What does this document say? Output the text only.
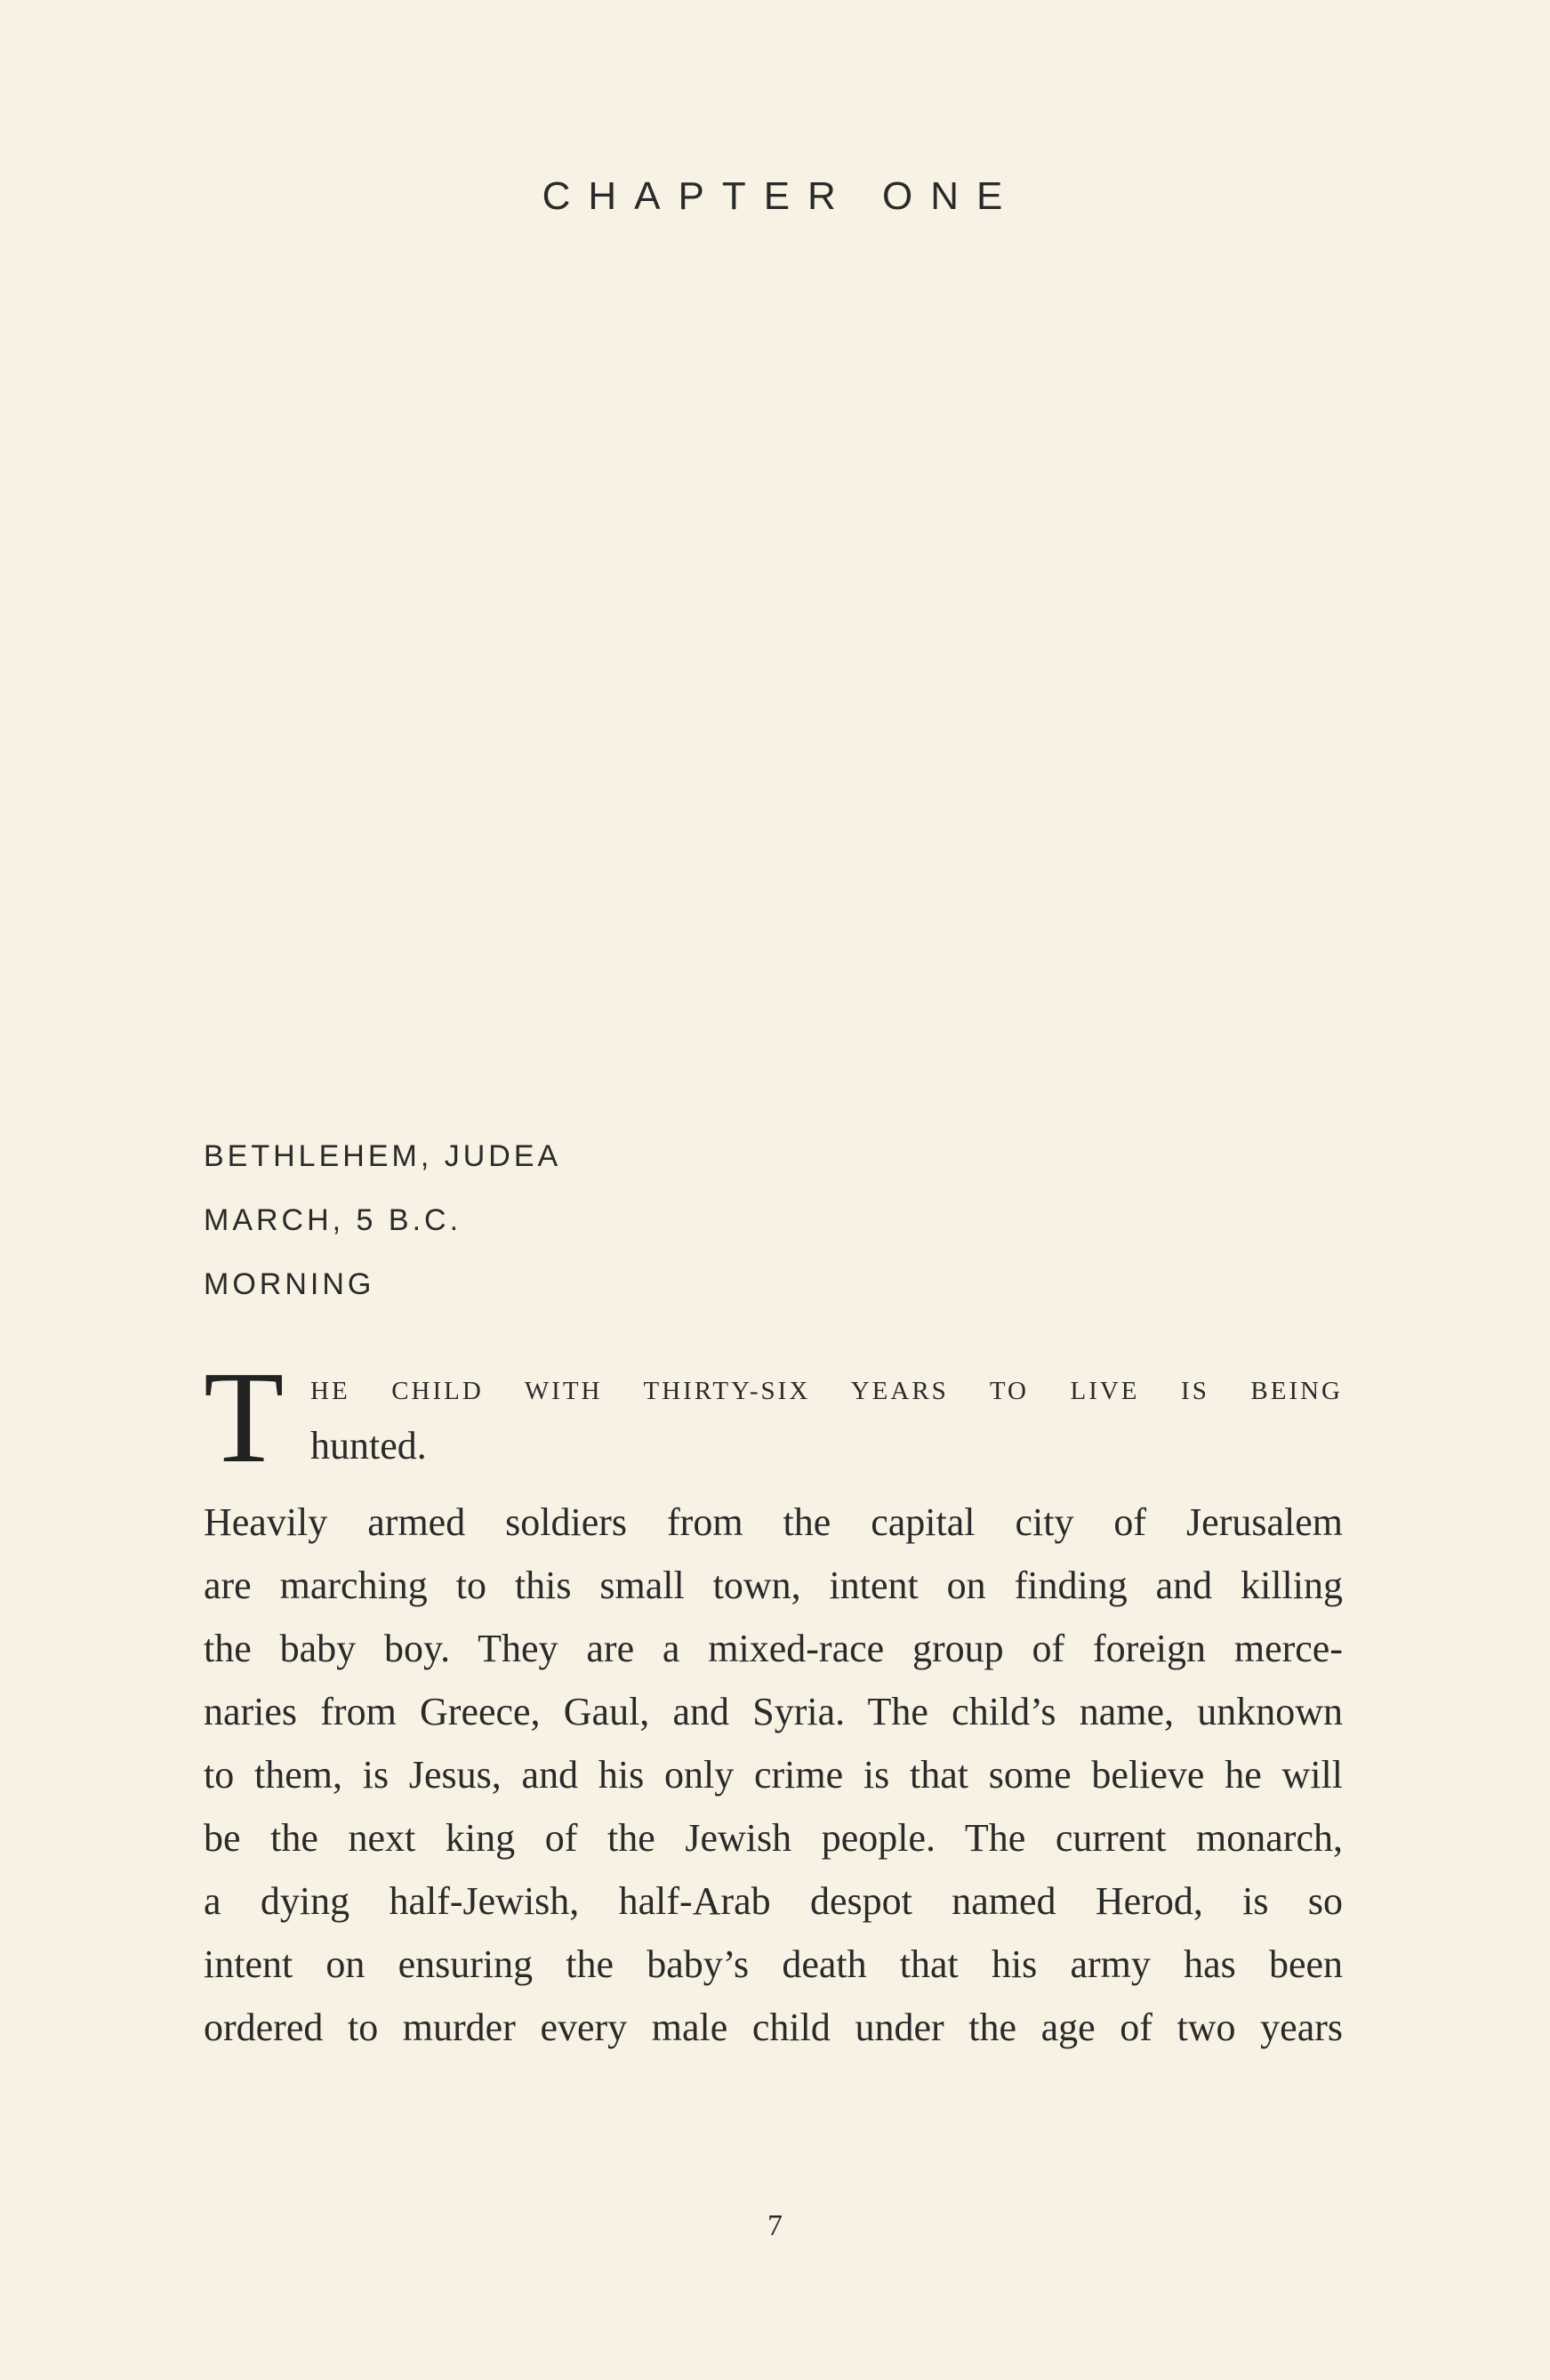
CHAPTER ONE
BETHLEHEM, JUDEA
MARCH, 5 B.C.
MORNING
T HE CHILD WITH THIRTY-SIX YEARS TO LIVE IS BEING
hunted.
Heavily armed soldiers from the capital city of Jerusalem
are marching to this small town, intent on finding and killing
the baby boy. They are a mixed-race group of foreign merce-
naries from Greece, Gaul, and Syria. The child’s name, unknown
to them, is Jesus, and his only crime is that some believe he will
be the next king of the Jewish people. The current monarch,
a dying half-Jewish, half-Arab despot named Herod, is so
intent on ensuring the baby’s death that his army has been
ordered to murder every male child under the age of two years
7
